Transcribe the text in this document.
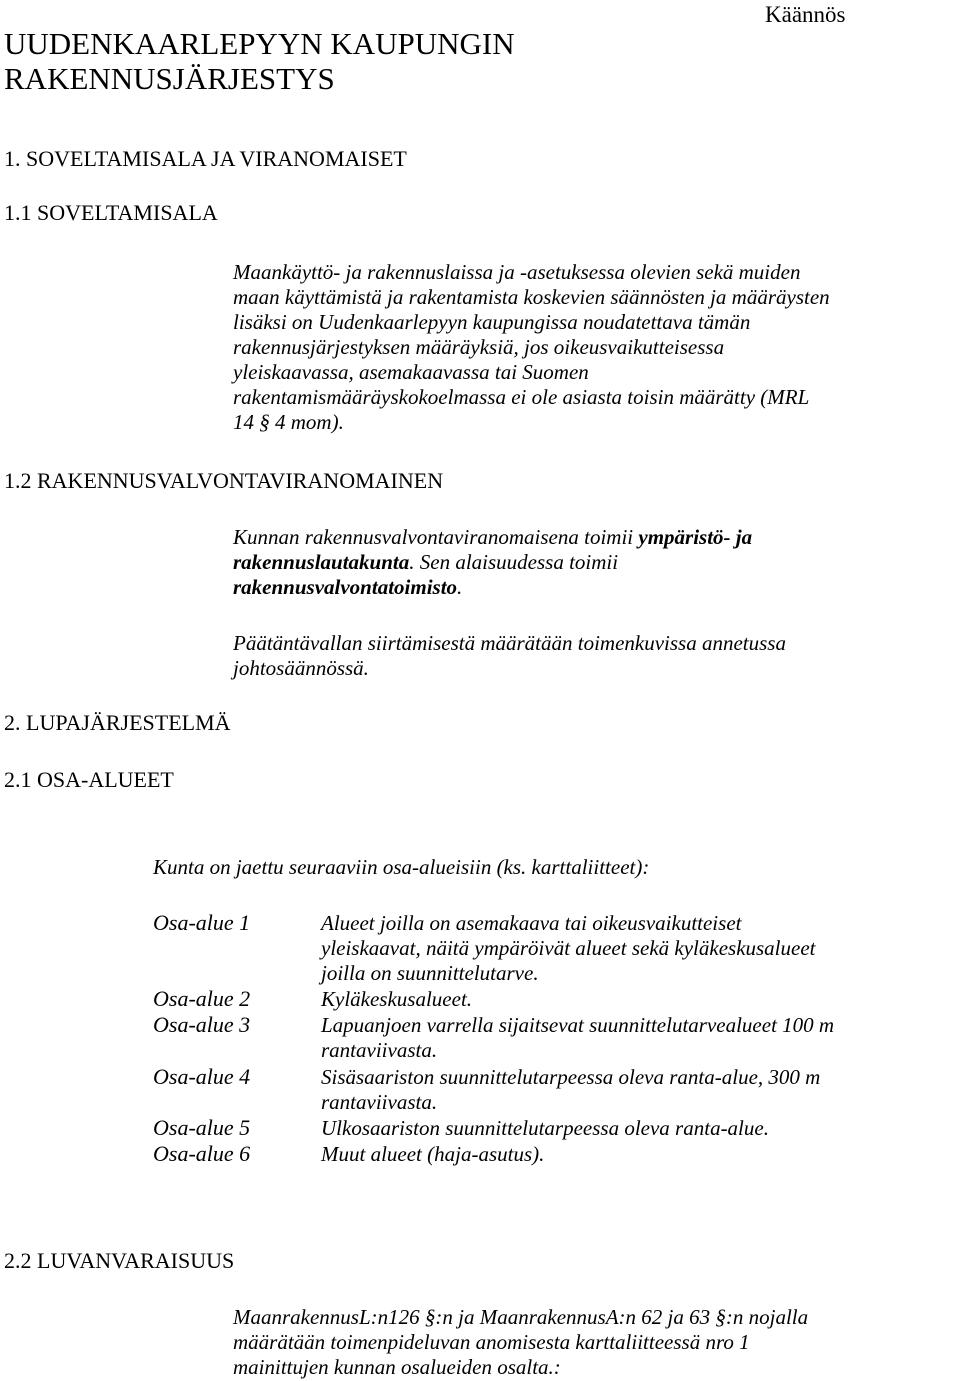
Käännös
UUDENKAARLEPYYN KAUPUNGIN
RAKENNUSJÄRJESTYS
1. SOVELTAMISALA JA VIRANOMAISET
1.1 SOVELTAMISALA
Maankäyttö- ja rakennuslaissa ja -asetuksessa olevien sekä muiden
maan käyttämistä ja rakentamista koskevien säännösten ja määräysten
lisäksi on Uudenkaarlepyyn kaupungissa noudatettava tämän
rakennusjärjestyksen määräyksiä, jos oikeusvaikutteisessa
yleiskaavassa, asemakaavassa tai Suomen
rakentamismääräyskokoelmassa ei ole asiasta toisin määrätty (MRL
14 § 4 mom).
1.2 RAKENNUSVALVONTAVIRANOMAINEN
Kunnan rakennusvalvontaviranomaisena toimii ympäristö- ja
rakennuslautakunta. Sen alaisuudessa toimii
rakennusvalvontatoimisto.
Päätäntävallan siirtämisestä määrätään toimenkuvissa annetussa
johtosäännössä.
2. LUPAJÄRJESTELMÄ
2.1 OSA-ALUEET
Kunta on jaettu seuraaviin osa-alueisiin (ks. karttaliitteet):
Osa-alue 1	Alueet joilla on asemakaava tai oikeusvaikutteiset
yleiskaavat, näitä ympäröivät alueet sekä kyläkeskusalueet
joilla on suunnittelutarve.
Osa-alue 2	Kyläkeskusalueet.
Osa-alue 3	Lapuanjoen varrella sijaitsevat suunnittelutarvealueet 100 m
rantaviivasta.
Osa-alue 4	Sisäsaariston suunnittelutarpeessa oleva ranta-alue, 300 m
rantaviivasta.
Osa-alue 5	Ulkosaariston suunnittelutarpeessa oleva ranta-alue.
Osa-alue 6	Muut alueet (haja-asutus).
2.2 LUVANVARAISUUS
MaanrakennusL:n126 §:n ja MaanrakennusA:n 62 ja 63 §:n nojalla
määrätään toimenpideluvan anomisesta karttaliitteessä nro 1
mainittujen kunnan osalueiden osalta.:
